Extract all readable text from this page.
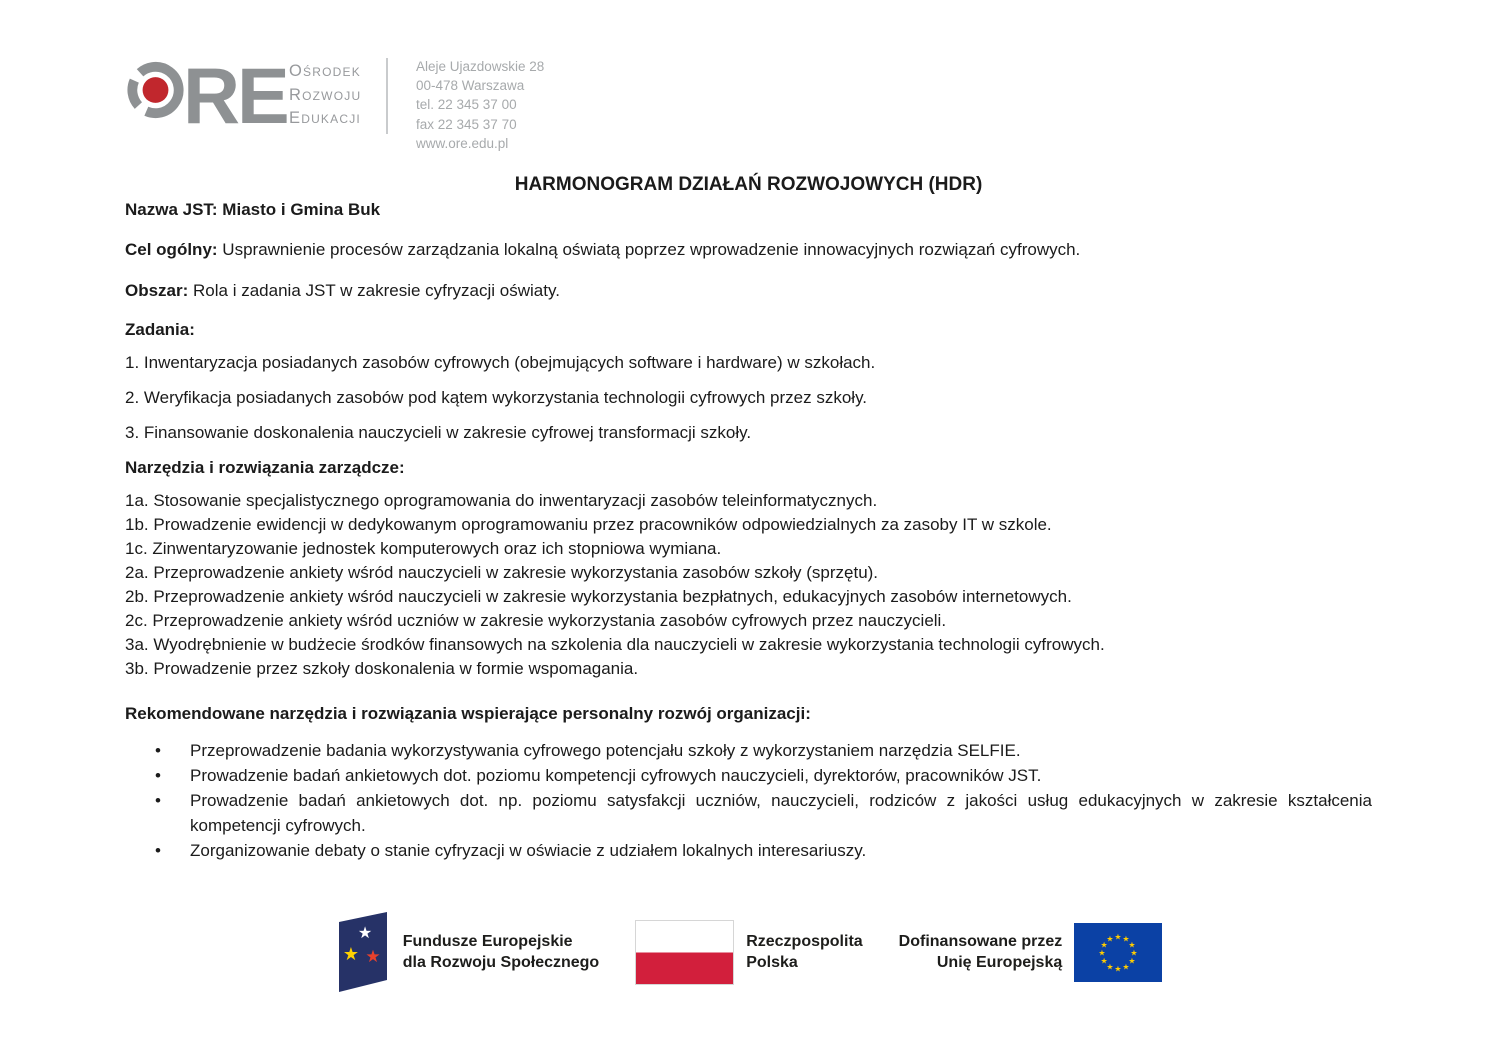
RE Ośrodek
Rozwoju
Edukacji
Aleje Ujazdowskie 28
00-478 Warszawa
tel. 22 345 37 00
fax 22 345 37 70
www.ore.edu.pl

HARMONOGRAM DZIAŁAŃ ROZWOJOWYCH (HDR)

Nazwa JST: Miasto i Gmina Buk

Cel ogólny: Usprawnienie procesów zarządzania lokalną oświatą poprzez wprowadzenie innowacyjnych rozwiązań cyfrowych.

Obszar: Rola i zadania JST w zakresie cyfryzacji oświaty.

Zadania:

1. Inwentaryzacja posiadanych zasobów cyfrowych (obejmujących software i hardware) w szkołach.

2. Weryfikacja posiadanych zasobów pod kątem wykorzystania technologii cyfrowych przez szkoły.

3. Finansowanie doskonalenia nauczycieli w zakresie cyfrowej transformacji szkoły.

Narzędzia i rozwiązania zarządcze:

1a. Stosowanie specjalistycznego oprogramowania do inwentaryzacji zasobów teleinformatycznych.
1b. Prowadzenie ewidencji w dedykowanym oprogramowaniu przez pracowników odpowiedzialnych za zasoby IT w szkole.
1c. Zinwentaryzowanie jednostek komputerowych oraz ich stopniowa wymiana.
2a. Przeprowadzenie ankiety wśród nauczycieli w zakresie wykorzystania zasobów szkoły (sprzętu).
2b. Przeprowadzenie ankiety wśród nauczycieli w zakresie wykorzystania bezpłatnych, edukacyjnych zasobów internetowych.
2c. Przeprowadzenie ankiety wśród uczniów w zakresie wykorzystania zasobów cyfrowych przez nauczycieli.
3a. Wyodrębnienie w budżecie środków finansowych na szkolenia dla nauczycieli w zakresie wykorzystania technologii cyfrowych.
3b. Prowadzenie przez szkoły doskonalenia w formie wspomagania.

Rekomendowane narzędzia i rozwiązania wspierające personalny rozwój organizacji:

• Przeprowadzenie badania wykorzystywania cyfrowego potencjału szkoły z wykorzystaniem narzędzia SELFIE.
• Prowadzenie badań ankietowych dot. poziomu kompetencji cyfrowych nauczycieli, dyrektorów, pracowników JST.
• Prowadzenie badań ankietowych dot. np. poziomu satysfakcji uczniów, nauczycieli, rodziców z jakości usług edukacyjnych w zakresie kształcenia kompetencji cyfrowych.
• Zorganizowanie debaty o stanie cyfryzacji w oświacie z udziałem lokalnych interesariuszy.
★
★ ★
Fundusze Europejskie
dla Rozwoju Społecznego
Rzeczpospolita
Polska
Dofinansowane przez
Unię Europejską
★ ★
★
★
★
★
★
★
★
★
★
★
